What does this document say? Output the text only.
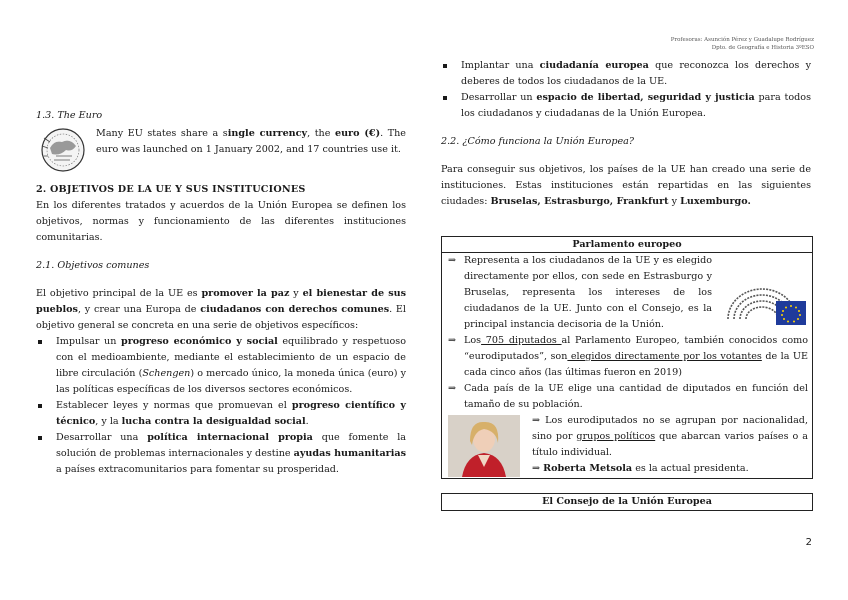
Profesoras: Asunción Pérez y Guadalupe Rodríguez
Dpto. de Geografía e Historia 3ºESO

1.3. The Euro

Many EU states share a single currency, the euro (€). The euro was launched on 1 January 2002, and 17 countries use it.

2. OBJETIVOS DE LA UE Y SUS INSTITUCIONES

En los diferentes tratados y acuerdos de la Unión Europea se definen los objetivos, normas y funcionamiento de las diferentes instituciones comunitarias.

2.1. Objetivos comunes

El objetivo principal de la UE es promover la paz y el bienestar de sus pueblos, y crear una Europa de ciudadanos con derechos comunes. El objetivo general se concreta en una serie de objetivos específicos:

Impulsar un progreso económico y social equilibrado y respetuoso con el medioambiente, mediante el establecimiento de un espacio de libre circulación (Schengen) o mercado único, la moneda única (euro) y las políticas específicas de los diversos sectores económicos.
Establecer leyes y normas que promuevan el progreso científico y técnico, y la lucha contra la desigualdad social.
Desarrollar una política internacional propia que fomente la solución de problemas internacionales y destine ayudas humanitarias a países extracomunitarios para fomentar su prosperidad.
Implantar una ciudadanía europea que reconozca los derechos y deberes de todos los ciudadanos de la UE.
Desarrollar un espacio de libertad, seguridad y justicia para todos los ciudadanos y ciudadanas de la Unión Europea.

2.2. ¿Cómo funciona la Unión Europea?

Para conseguir sus objetivos, los países de la UE han creado una serie de instituciones. Estas instituciones están repartidas en las siguientes ciudades: Bruselas, Estrasburgo, Frankfurt y Luxemburgo.

Parlamento europeo
⇒ Representa a los ciudadanos de la UE y es elegido directamente por ellos, con sede en Estrasburgo y Bruselas, representa los intereses de los ciudadanos de la UE. Junto con el Consejo, es la principal instancia decisoria de la Unión.
⇒ Los 705 diputados al Parlamento Europeo, también conocidos como “eurodiputados”, son elegidos directamente por los votantes de la UE cada cinco años (las últimas fueron en 2019)
⇒ Cada país de la UE elige una cantidad de diputados en función del tamaño de su población.
⇒ Los eurodiputados no se agrupan por nacionalidad, sino por grupos políticos que abarcan varios países o a título individual.
⇒ Roberta Metsola es la actual presidenta.
El Consejo de la Unión Europea
2
